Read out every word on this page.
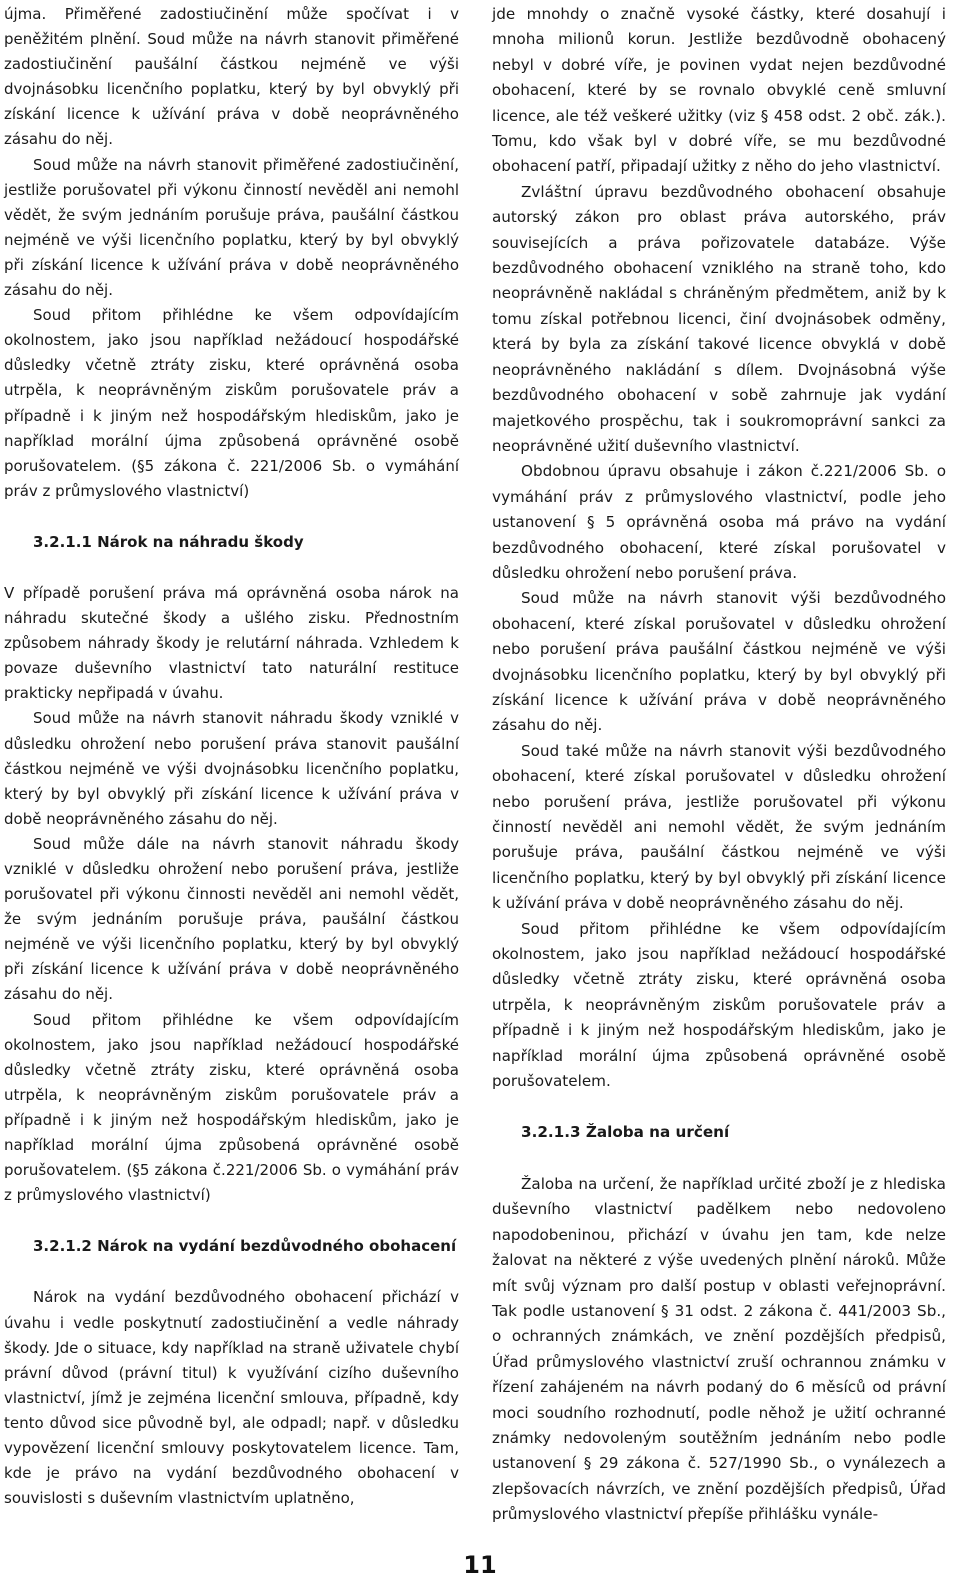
újma. Přiměřené zadostiučinění může spočívat i v peněžitém plnění. Soud může na návrh stanovit přiměřené zadostiučinění paušální částkou nejméně ve výši dvojnásobku licenčního poplatku, který by byl obvyklý při získání licence k užívání práva v době neoprávněného zásahu do něj.

Soud může na návrh stanovit přiměřené zadostiučinění, jestliže porušovatel při výkonu činností nevěděl ani nemohl vědět, že svým jednáním porušuje práva, paušální částkou nejméně ve výši licenčního poplatku, který by byl obvyklý při získání licence k užívání práva v době neoprávněného zásahu do něj.

Soud přitom přihlédne ke všem odpovídajícím okolnostem, jako jsou například nežádoucí hospodářské důsledky včetně ztráty zisku, které oprávněná osoba utrpěla, k neoprávněným ziskům porušovatele práv a případně i k jiným než hospodářským hlediskům, jako je například morální újma způsobená oprávněné osobě porušovatelem. (§5 zákona č. 221/2006 Sb. o vymáhání práv z průmyslového vlastnictví)

3.2.1.1 Nárok na náhradu škody

V případě porušení práva má oprávněná osoba nárok na náhradu skutečné škody a ušlého zisku. Přednostním způsobem náhrady škody je relutární náhrada. Vzhledem k povaze duševního vlastnictví tato naturální restituce prakticky nepřipadá v úvahu.

Soud může na návrh stanovit náhradu škody vzniklé v důsledku ohrožení nebo porušení práva stanovit paušální částkou nejméně ve výši dvojnásobku licenčního poplatku, který by byl obvyklý při získání licence k užívání práva v době neoprávněného zásahu do něj.

Soud může dále na návrh stanovit náhradu škody vzniklé v důsledku ohrožení nebo porušení práva, jestliže porušovatel při výkonu činnosti nevěděl ani nemohl vědět, že svým jednáním porušuje práva, paušální částkou nejméně ve výši licenčního poplatku, který by byl obvyklý při získání licence k užívání práva v době neoprávněného zásahu do něj.

Soud přitom přihlédne ke všem odpovídajícím okolnostem, jako jsou například nežádoucí hospodářské důsledky včetně ztráty zisku, které oprávněná osoba utrpěla, k neoprávněným ziskům porušovatele práv a případně i k jiným než hospodářským hlediskům, jako je například morální újma způsobená oprávněné osobě porušovatelem. (§5 zákona č.221/2006 Sb. o vymáhání práv z průmyslového vlastnictví)

3.2.1.2 Nárok na vydání bezdůvodného obohacení

Nárok na vydání bezdůvodného obohacení přichází v úvahu i vedle poskytnutí zadostiučinění a vedle náhrady škody. Jde o situace, kdy například na straně uživatele chybí právní důvod (právní titul) k využívání cizího duševního vlastnictví, jímž je zejména licenční smlouva, případně, kdy tento důvod sice původně byl, ale odpadl; např. v důsledku vypovězení licenční smlouvy poskytovatelem licence. Tam, kde je právo na vydání bezdůvodného obohacení v souvislosti s duševním vlastnictvím uplatněno,

jde mnohdy o značně vysoké částky, které dosahují i mnoha milionů korun. Jestliže bezdůvodně obohacený nebyl v dobré víře, je povinen vydat nejen bezdůvodné obohacení, které by se rovnalo obvyklé ceně smluvní licence, ale též veškeré užitky (viz § 458 odst. 2 obč. zák.). Tomu, kdo však byl v dobré víře, se mu bezdůvodné obohacení patří, připadají užitky z něho do jeho vlastnictví.

Zvláštní úpravu bezdůvodného obohacení obsahuje autorský zákon pro oblast práva autorského, práv souvisejících a práva pořizovatele databáze. Výše bezdůvodného obohacení vzniklého na straně toho, kdo neoprávněně nakládal s chráněným předmětem, aniž by k tomu získal potřebnou licenci, činí dvojnásobek odměny, která by byla za získání takové licence obvyklá v době neoprávněného nakládání s dílem. Dvojnásobná výše bezdůvodného obohacení v sobě zahrnuje jak vydání majetkového prospěchu, tak i soukromoprávní sankci za neoprávněné užití duševního vlastnictví.

Obdobnou úpravu obsahuje i zákon č.221/2006 Sb. o vymáhání práv z průmyslového vlastnictví, podle jeho ustanovení § 5 oprávněná osoba má právo na vydání bezdůvodného obohacení, které získal porušovatel v důsledku ohrožení nebo porušení práva.

Soud může na návrh stanovit výši bezdůvodného obohacení, které získal porušovatel v důsledku ohrožení nebo porušení práva paušální částkou nejméně ve výši dvojnásobku licenčního poplatku, který by byl obvyklý při získání licence k užívání práva v době neoprávněného zásahu do něj.

Soud také může na návrh stanovit výši bezdůvodného obohacení, které získal porušovatel v důsledku ohrožení nebo porušení práva, jestliže porušovatel při výkonu činností nevěděl ani nemohl vědět, že svým jednáním porušuje práva, paušální částkou nejméně ve výši licenčního poplatku, který by byl obvyklý při získání licence k užívání práva v době neoprávněného zásahu do něj.

Soud přitom přihlédne ke všem odpovídajícím okolnostem, jako jsou například nežádoucí hospodářské důsledky včetně ztráty zisku, které oprávněná osoba utrpěla, k neoprávněným ziskům porušovatele práv a případně i k jiným než hospodářským hlediskům, jako je například morální újma způsobená oprávněné osobě porušovatelem.

3.2.1.3 Žaloba na určení

Žaloba na určení, že například určité zboží je z hlediska duševního vlastnictví padělkem nebo nedovoleno napodobeninou, přichází v úvahu jen tam, kde nelze žalovat na některé z výše uvedených plnění nároků. Může mít svůj význam pro další postup v oblasti veřejnoprávní. Tak podle ustanovení § 31 odst. 2 zákona č. 441/2003 Sb., o ochranných známkách, ve znění pozdějších předpisů, Úřad průmyslového vlastnictví zruší ochrannou známku v řízení zahájeném na návrh podaný do 6 měsíců od právní moci soudního rozhodnutí, podle něhož je užití ochranné známky nedovoleným soutěžním jednáním nebo podle ustanovení § 29 zákona č. 527/1990 Sb., o vynálezech a zlepšovacích návrzích, ve znění pozdějších předpisů, Úřad průmyslového vlastnictví přepíše přihlášku vynále-

11
